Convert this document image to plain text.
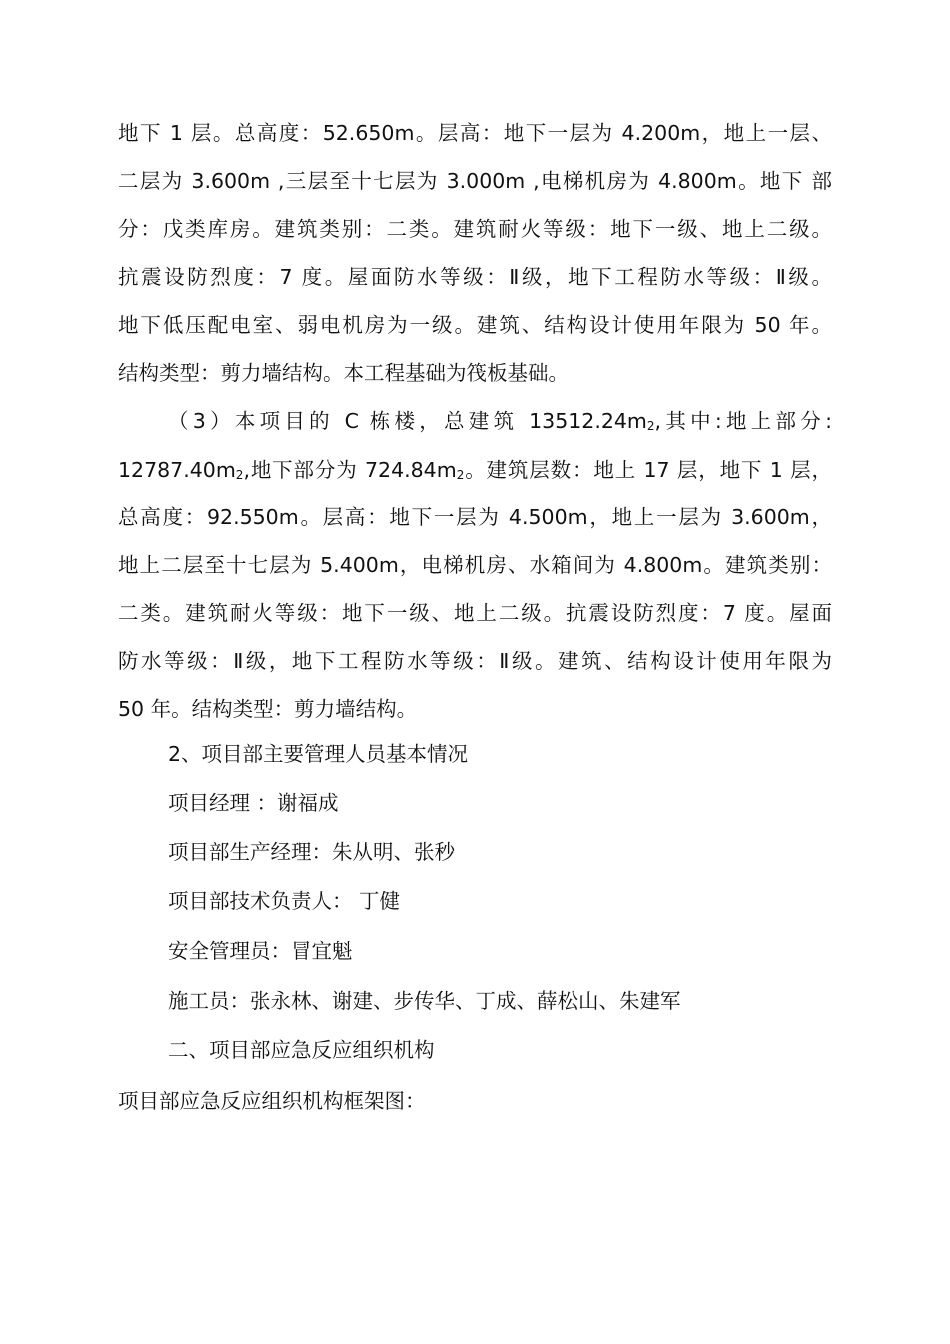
地下 1 层。总高度：52.650m。层高：地下一层为 4.200m，地上一层、
二层为 3.600m ,三层至十七层为 3.000m ,电梯机房为 4.800m。地下 部
分：戊类库房。建筑类别：二类。建筑耐火等级：地下一级、地上二级。
抗震设防烈度：7 度。屋面防水等级：Ⅱ级，地下工程防水等级：Ⅱ级。
地下低压配电室、弱电机房为一级。建筑、结构设计使用年限为 50 年。
结构类型：剪力墙结构。本工程基础为筏板基础。
（3）本项目的 C 栋楼，总建筑 $13512.24m_2$,其中:地上部分:
$12787.40m_2$,地下部分为 $724.84m_2$。建筑层数：地上 17 层，地下 1 层，
总高度：92.550m。层高：地下一层为 4.500m，地上一层为 3.600m，
地上二层至十七层为 5.400m，电梯机房、水箱间为 4.800m。建筑类别：
二类。建筑耐火等级：地下一级、地上二级。抗震设防烈度：7 度。屋面
防水等级：Ⅱ级，地下工程防水等级：Ⅱ级。建筑、结构设计使用年限为
50 年。结构类型：剪力墙结构。
2、项目部主要管理人员基本情况
项目经理 ：谢福成
项目部生产经理：朱从明、张秒
项目部技术负责人： 丁健
安全管理员：冒宜魁
施工员：张永林、谢建、步传华、丁成、薛松山、朱建军
二、项目部应急反应组织机构
项目部应急反应组织机构框架图：
